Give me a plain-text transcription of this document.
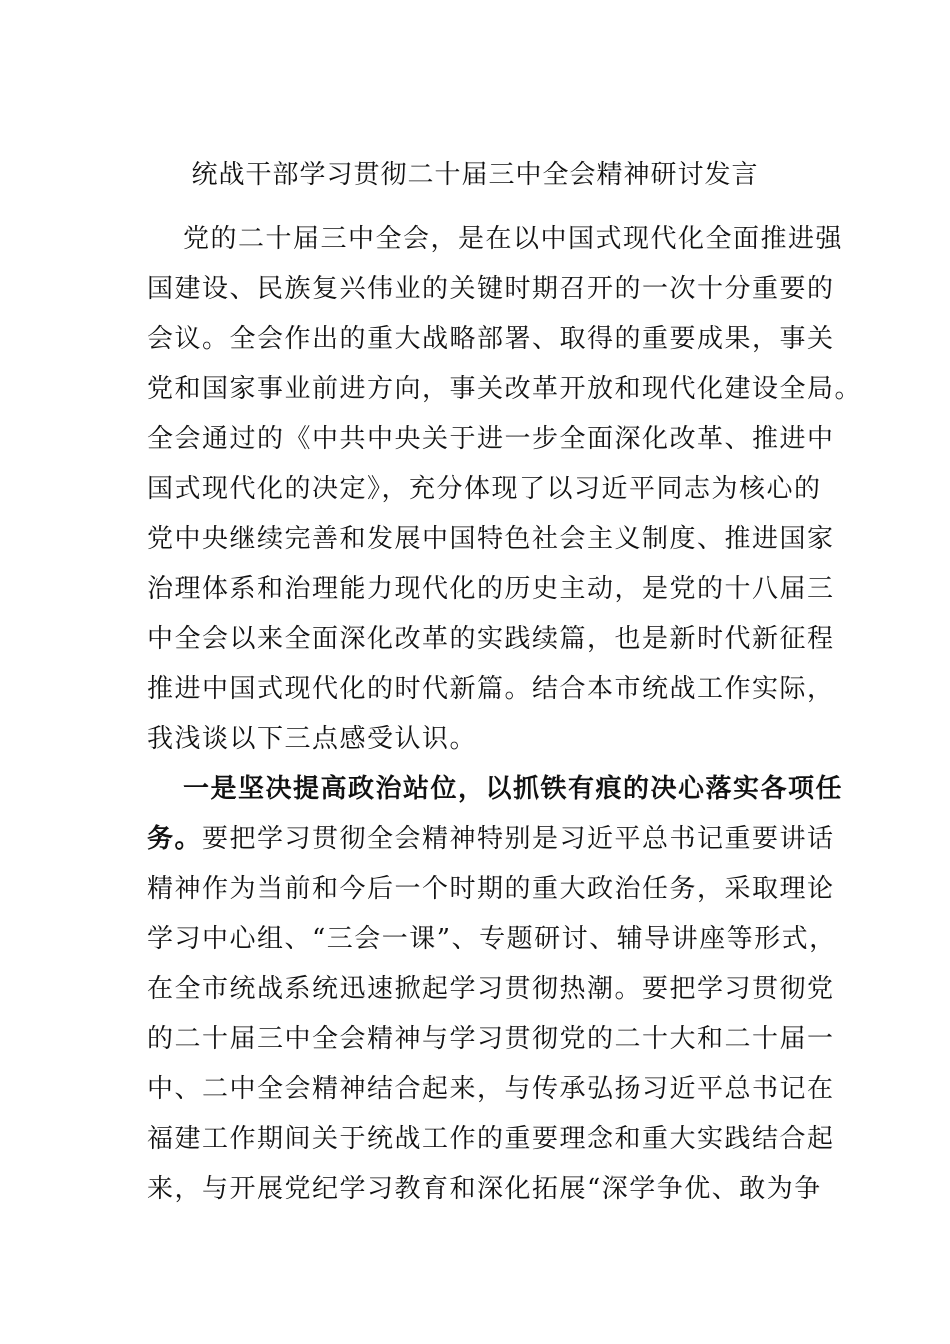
统战干部学习贯彻二十届三中全会精神研讨发言
党的二十届三中全会，是在以中国式现代化全面推进强
国建设、民族复兴伟业的关键时期召开的一次十分重要的
会议。全会作出的重大战略部署、取得的重要成果，事关
党和国家事业前进方向，事关改革开放和现代化建设全局。
全会通过的《中共中央关于进一步全面深化改革、推进中
国式现代化的决定》，充分体现了以习近平同志为核心的
党中央继续完善和发展中国特色社会主义制度、推进国家
治理体系和治理能力现代化的历史主动，是党的十八届三
中全会以来全面深化改革的实践续篇，也是新时代新征程
推进中国式现代化的时代新篇。结合本市统战工作实际，
我浅谈以下三点感受认识。
一是坚决提高政治站位，以抓铁有痕的决心落实各项任
务。要把学习贯彻全会精神特别是习近平总书记重要讲话
精神作为当前和今后一个时期的重大政治任务，采取理论
学习中心组、“三会一课”、专题研讨、辅导讲座等形式，
在全市统战系统迅速掀起学习贯彻热潮。要把学习贯彻党
的二十届三中全会精神与学习贯彻党的二十大和二十届一
中、二中全会精神结合起来，与传承弘扬习近平总书记在
福建工作期间关于统战工作的重要理念和重大实践结合起
来，与开展党纪学习教育和深化拓展“深学争优、敢为争
